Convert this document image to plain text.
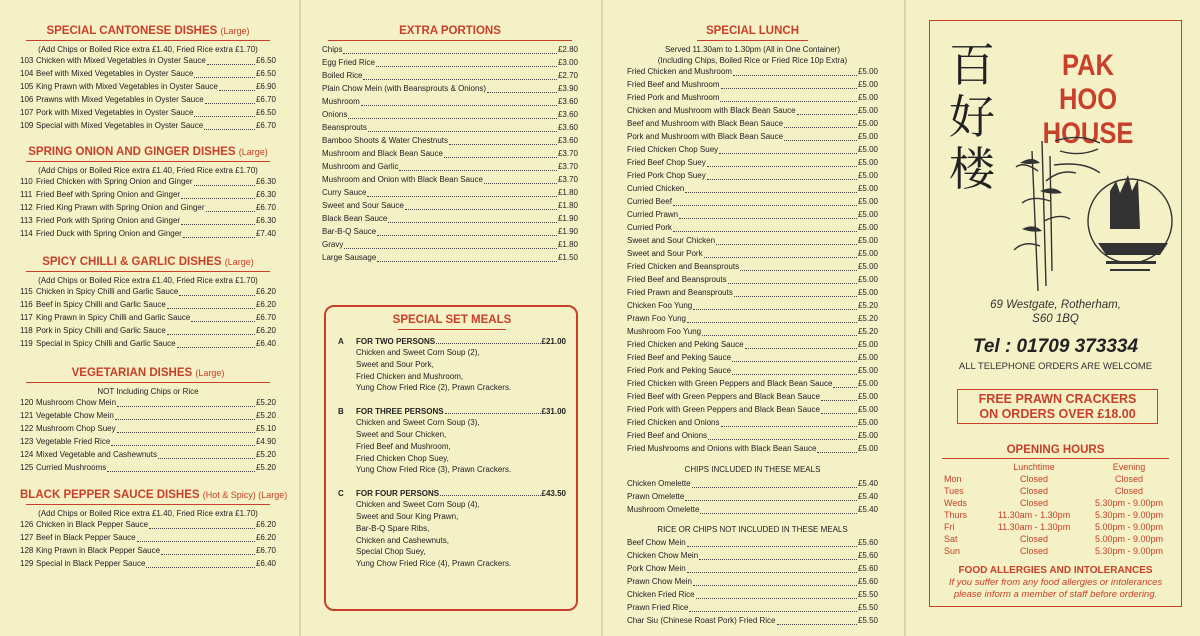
SPECIAL CANTONESE DISHES (Large)
(Add Chips or Boiled Rice extra £1.40, Fried Rice extra £1.70)
103 Chicken with Mixed Vegetables in Oyster Sauce	£6.50
104 Beef with Mixed Vegetables in Oyster Sauce	£6.50
105 King Prawn with Mixed Vegetables in Oyster Sauce	£6.90
106 Prawns with Mixed Vegetables in Oyster Sauce	£6.70
107 Pork with Mixed Vegetables in Oyster Sauce	£6.50
109 Special with Mixed Vegetables in Oyster Sauce	£6.70
SPRING ONION AND GINGER DISHES (Large)
(Add Chips or Boiled Rice extra £1.40, Fried Rice extra £1.70)
110 Fried Chicken with Spring Onion and Ginger	£6.30
111 Fried Beef with Spring Onion and Ginger	£6.30
112 Fried King Prawn with Spring Onion and Ginger	£6.70
113 Fried Pork with Spring Onion and Ginger	£6.30
114 Fried Duck with Spring Onion and Ginger	£7.40
SPICY CHILLI & GARLIC DISHES (Large)
(Add Chips or Boiled Rice extra £1.40, Fried Rice extra £1.70)
115 Chicken in Spicy Chilli and Garlic Sauce	£6.20
116 Beef in Spicy Chilli and Garlic Sauce	£6.20
117 King Prawn in Spicy Chilli and Garlic Sauce	£6.70
118 Pork in Spicy Chilli and Garlic Sauce	£6.20
119 Special in Spicy Chilli and Garlic Sauce	£6.40
VEGETARIAN DISHES (Large)
NOT Including Chips or Rice
120 Mushroom Chow Mein	£5.20
121 Vegetable Chow Mein	£5.20
122 Mushroom Chop Suey	£5.10
123 Vegetable Fried Rice	£4.90
124 Mixed Vegetable and Cashewnuts	£5.20
125 Curried Mushrooms	£5.20
BLACK PEPPER SAUCE DISHES (Hot & Spicy) (Large)
(Add Chips or Boiled Rice extra £1.40, Fried Rice extra £1.70)
126 Chicken in Black Pepper Sauce	£6.20
127 Beef in Black Pepper Sauce	£6.20
128 King Prawn in Black Pepper Sauce	£6.70
129 Special in Black Pepper Sauce	£6.40
EXTRA PORTIONS
Chips	£2.80
Egg Fried Rice	£3.00
Boiled Rice	£2.70
Plain Chow Mein (with Beansprouts & Onions)	£3.90
Mushroom	£3.60
Onions	£3.60
Beansprouts	£3.60
Bamboo Shoots & Water Chestnuts	£3.60
Mushroom and Black Bean Sauce	£3.70
Mushroom and Garlic	£3.70
Mushroom and Onion with Black Bean Sauce	£3.70
Curry Sauce	£1.80
Sweet and Sour Sauce	£1.80
Black Bean Sauce	£1.90
Bar-B-Q Sauce	£1.90
Gravy	£1.80
Large Sausage	£1.50
SPECIAL SET MEALS
A	FOR TWO PERSONS	£21.00
Chicken and Sweet Corn Soup (2),
Sweet and Sour Pork,
Fried Chicken and Mushroom,
Yung Chow Fried Rice (2), Prawn Crackers.
B	FOR THREE PERSONS	£31.00
Chicken and Sweet Corn Soup (3),
Sweet and Sour Chicken,
Fried Beef and Mushroom,
Fried Chicken Chop Suey,
Yung Chow Fried Rice (3), Prawn Crackers.
C	FOR FOUR PERSONS	£43.50
Chicken and Sweet Corn Soup (4),
Sweet and Sour King Prawn,
Bar-B-Q Spare Ribs,
Chicken and Cashewnuts,
Special Chop Suey,
Yung Chow Fried Rice (4), Prawn Crackers.
SPECIAL LUNCH
Served 11.30am to 1.30pm (All in One Container)
(Including Chips, Boiled Rice or Fried Rice 10p Extra)
Fried Chicken and Mushroom	£5.00
Fried Beef and Mushroom	£5.00
Fried Pork and Mushroom	£5.00
Chicken and Mushroom with Black Bean Sauce	£5.00
Beef and Mushroom with Black Bean Sauce	£5.00
Pork and Mushroom with Black Bean Sauce	£5.00
Fried Chicken Chop Suey	£5.00
Fried Beef Chop Suey	£5.00
Fried Pork Chop Suey	£5.00
Curried Chicken	£5.00
Curried Beef	£5.00
Curried Prawn	£5.00
Curried Pork	£5.00
Sweet and Sour Chicken	£5.00
Sweet and Sour Pork	£5.00
Fried Chicken and Beansprouts	£5.00
Fried Beef and Beansprouts	£5.00
Fried Prawn and Beansprouts	£5.00
Chicken Foo Yung	£5.20
Prawn Foo Yung	£5.20
Mushroom Foo Yung	£5.20
Fried Chicken and Peking Sauce	£5.00
Fried Beef and Peking Sauce	£5.00
Fried Pork and Peking Sauce	£5.00
Fried Chicken with Green Peppers and Black Bean Sauce	£5.00
Fried Beef with Green Peppers and Black Bean Sauce	£5.00
Fried Pork with Green Peppers and Black Bean Sauce	£5.00
Fried Chicken and Onions	£5.00
Fried Beef and Onions	£5.00
Fried Mushrooms and Onions with Black Bean Sauce	£5.00
CHIPS INCLUDED IN THESE MEALS
Chicken Omelette	£5.40
Prawn Omelette	£5.40
Mushroom Omelette	£5.40
RICE OR CHIPS NOT INCLUDED IN THESE MEALS
Beef Chow Mein	£5.60
Chicken Chow Mein	£5.60
Pork Chow Mein	£5.60
Prawn Chow Mein	£5.60
Chicken Fried Rice	£5.50
Prawn Fried Rice	£5.50
Char Siu (Chinese Roast Pork) Fried Rice	£5.50
百
好
楼
PAK HOO
HOUSE
69 Westgate, Rotherham,
S60 1BQ
Tel : 01709 373334
ALL TELEPHONE ORDERS ARE WELCOME
FREE PRAWN CRACKERS
ON ORDERS OVER £18.00
OPENING HOURS
Lunchtime	Evening
Mon	Closed	Closed
Tues	Closed	Closed
Weds	Closed	5.30pm - 9.00pm
Thurs	11.30am - 1.30pm	5.30pm - 9.00pm
Fri	11.30am - 1.30pm	5.00pm - 9.00pm
Sat	Closed	5.00pm - 9.00pm
Sun	Closed	5.30pm - 9.00pm
FOOD ALLERGIES AND INTOLERANCES
If you suffer from any food allergies or intolerances
please inform a member of staff before ordering.
